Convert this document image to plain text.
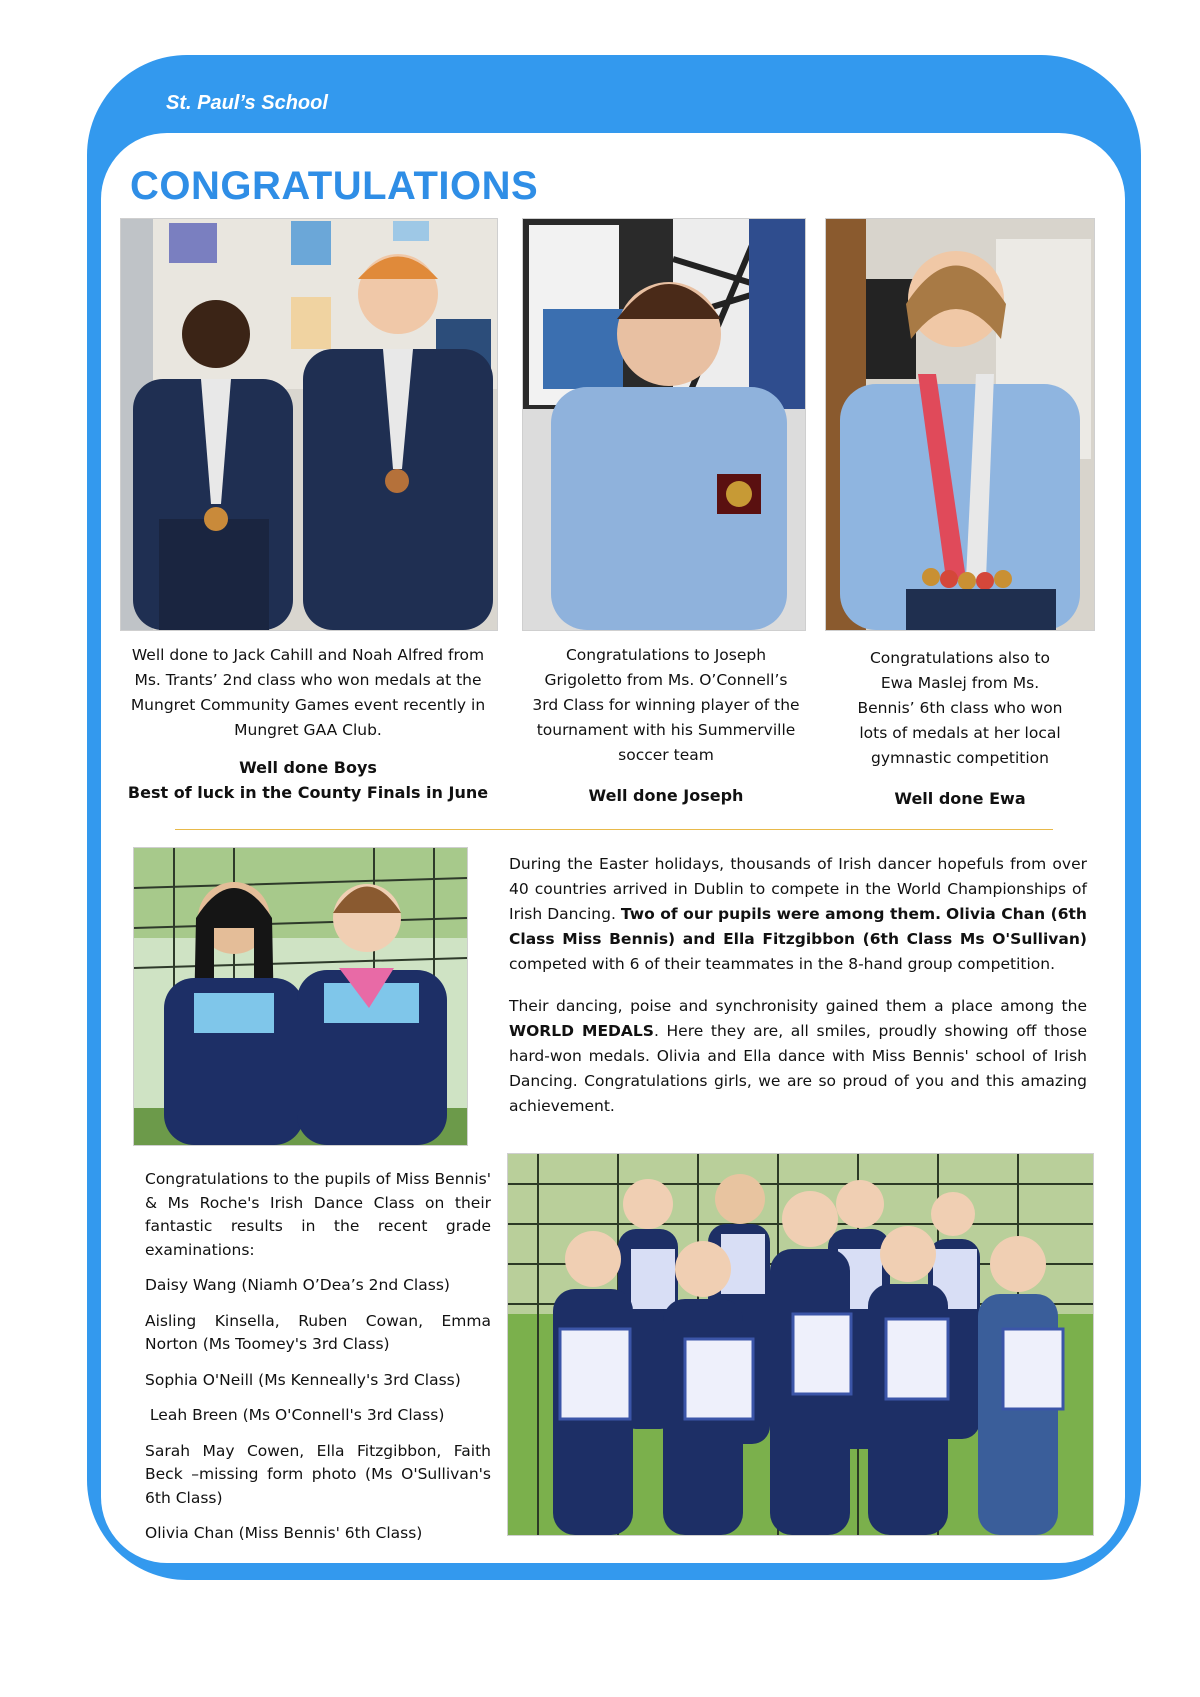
St. Paul’s School
CONGRATULATIONS

Well done to Jack Cahill and Noah Alfred from Ms. Trants’ 2nd class who won medals at the Mungret Community Games event recently in Mungret GAA Club.

Well done Boys

Best of luck in the County Finals in June

Congratulations to Joseph Grigoletto from Ms. O’Connell’s 3rd Class for winning player of the tournament with his Summerville soccer team

Well done Joseph

Congratulations also to Ewa Maslej from Ms. Bennis’ 6th class who won lots of medals at her local gymnastic competition

Well done Ewa

During the Easter holidays, thousands of Irish dancer hopefuls from over 40 countries arrived in Dublin to compete in the World Championships of Irish Dancing. Two of our pupils were among them. Olivia Chan (6th Class Miss Bennis) and Ella Fitzgibbon (6th Class Ms O'Sullivan) competed with 6 of their teammates in the 8-hand group competition.

Their dancing, poise and synchronisity gained them a place among the WORLD MEDALS. Here they are, all smiles, proudly showing off those hard-won medals. Olivia and Ella dance with Miss Bennis' school of Irish Dancing. Congratulations girls, we are so proud of you and this amazing achievement.

Congratulations to the pupils of Miss Bennis' & Ms Roche's Irish Dance Class on their fantastic results in the recent grade examinations:

Daisy Wang (Niamh O’Dea’s 2nd Class)

Aisling Kinsella, Ruben Cowan, Emma Norton (Ms Toomey's 3rd Class)

Sophia O'Neill (Ms Kenneally's 3rd Class)

Leah Breen (Ms O'Connell's 3rd Class)

Sarah May Cowen, Ella Fitzgibbon, Faith Beck –missing form photo (Ms O'Sullivan's 6th Class)

Olivia Chan (Miss Bennis' 6th Class)
